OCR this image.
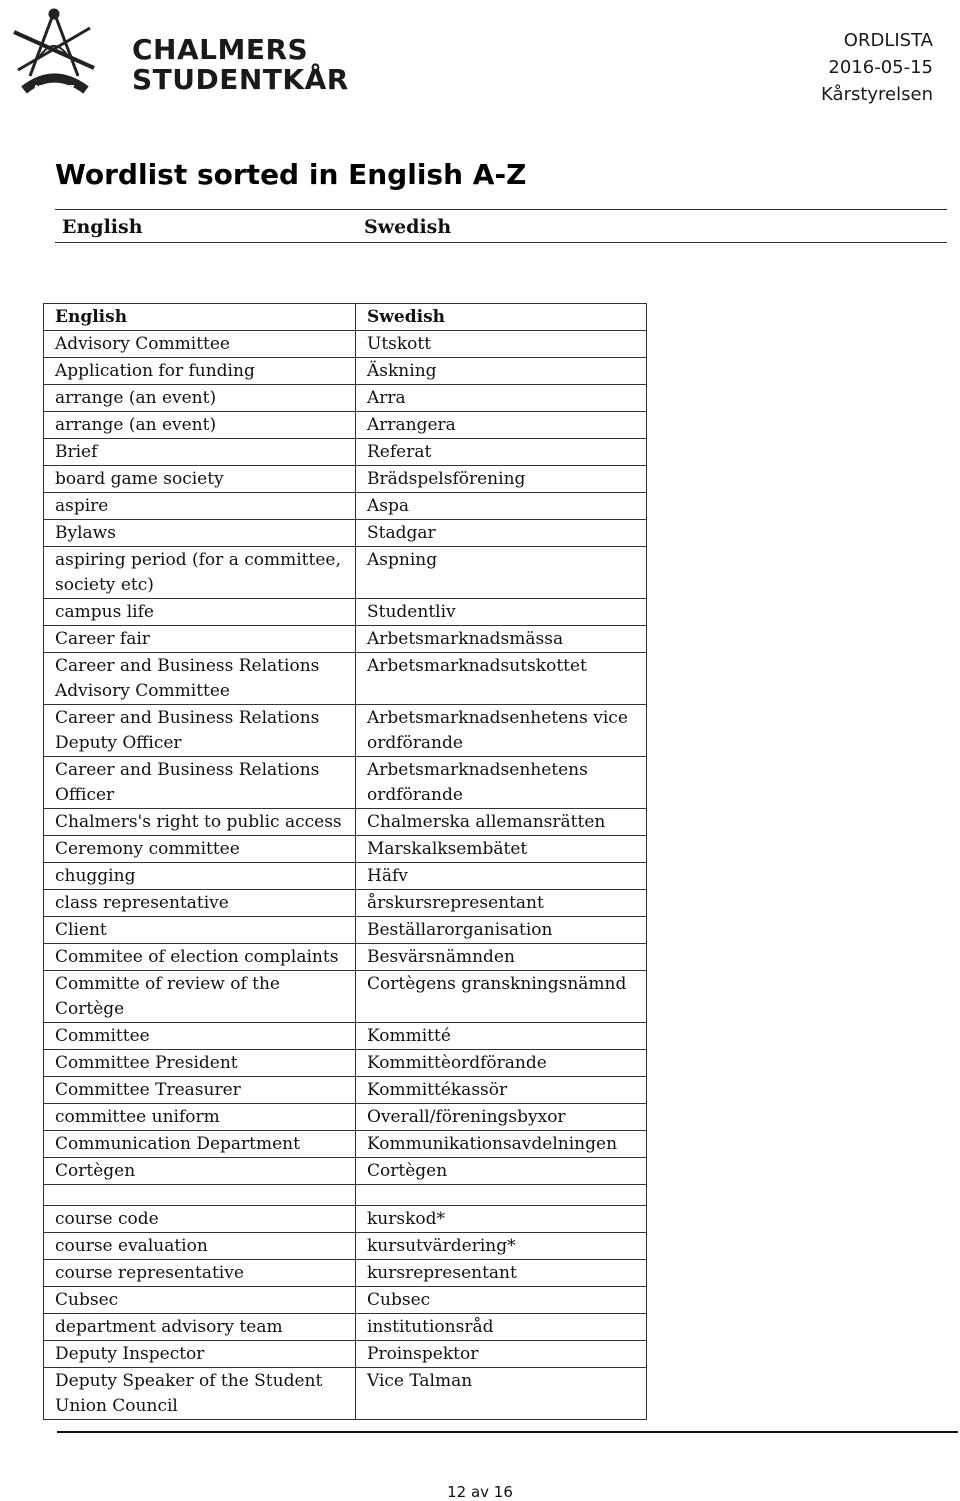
AVANCEZ
CHALMERS
STUDENTKÅR
ORDLISTA
2016-05-15
Kårstyrelsen
Wordlist sorted in English A-Z
English	Swedish
English	Swedish
Advisory Committee	Utskott
Application for funding	Äskning
arrange (an event)	Arra
arrange (an event)	Arrangera
Brief	Referat
board game society	Brädspelsförening
aspire	Aspa
Bylaws	Stadgar
aspiring period (for a committee, society etc)	Aspning
campus life	Studentliv
Career fair	Arbetsmarknadsmässa
Career and Business Relations Advisory Committee	Arbetsmarknadsutskottet
Career and Business Relations Deputy Officer	Arbetsmarknadsenhetens vice ordförande
Career and Business Relations Officer	Arbetsmarknadsenhetens ordförande
Chalmers's right to public access	Chalmerska allemansrätten
Ceremony committee	Marskalksembätet
chugging	Häfv
class representative	årskursrepresentant
Client	Beställarorganisation
Commitee of election complaints	Besvärsnämnden
Committe of review of the Cortège	Cortègens granskningsnämnd
Committee	Kommitté
Committee President	Kommittèordförande
Committee Treasurer	Kommittékassör
committee uniform	Overall/föreningsbyxor
Communication Department	Kommunikationsavdelningen
Cortègen	Cortègen

course code	kurskod*
course evaluation	kursutvärdering*
course representative	kursrepresentant
Cubsec	Cubsec
department advisory team	institutionsråd
Deputy Inspector	Proinspektor
Deputy Speaker of the Student Union Council	Vice Talman
12 av 16
